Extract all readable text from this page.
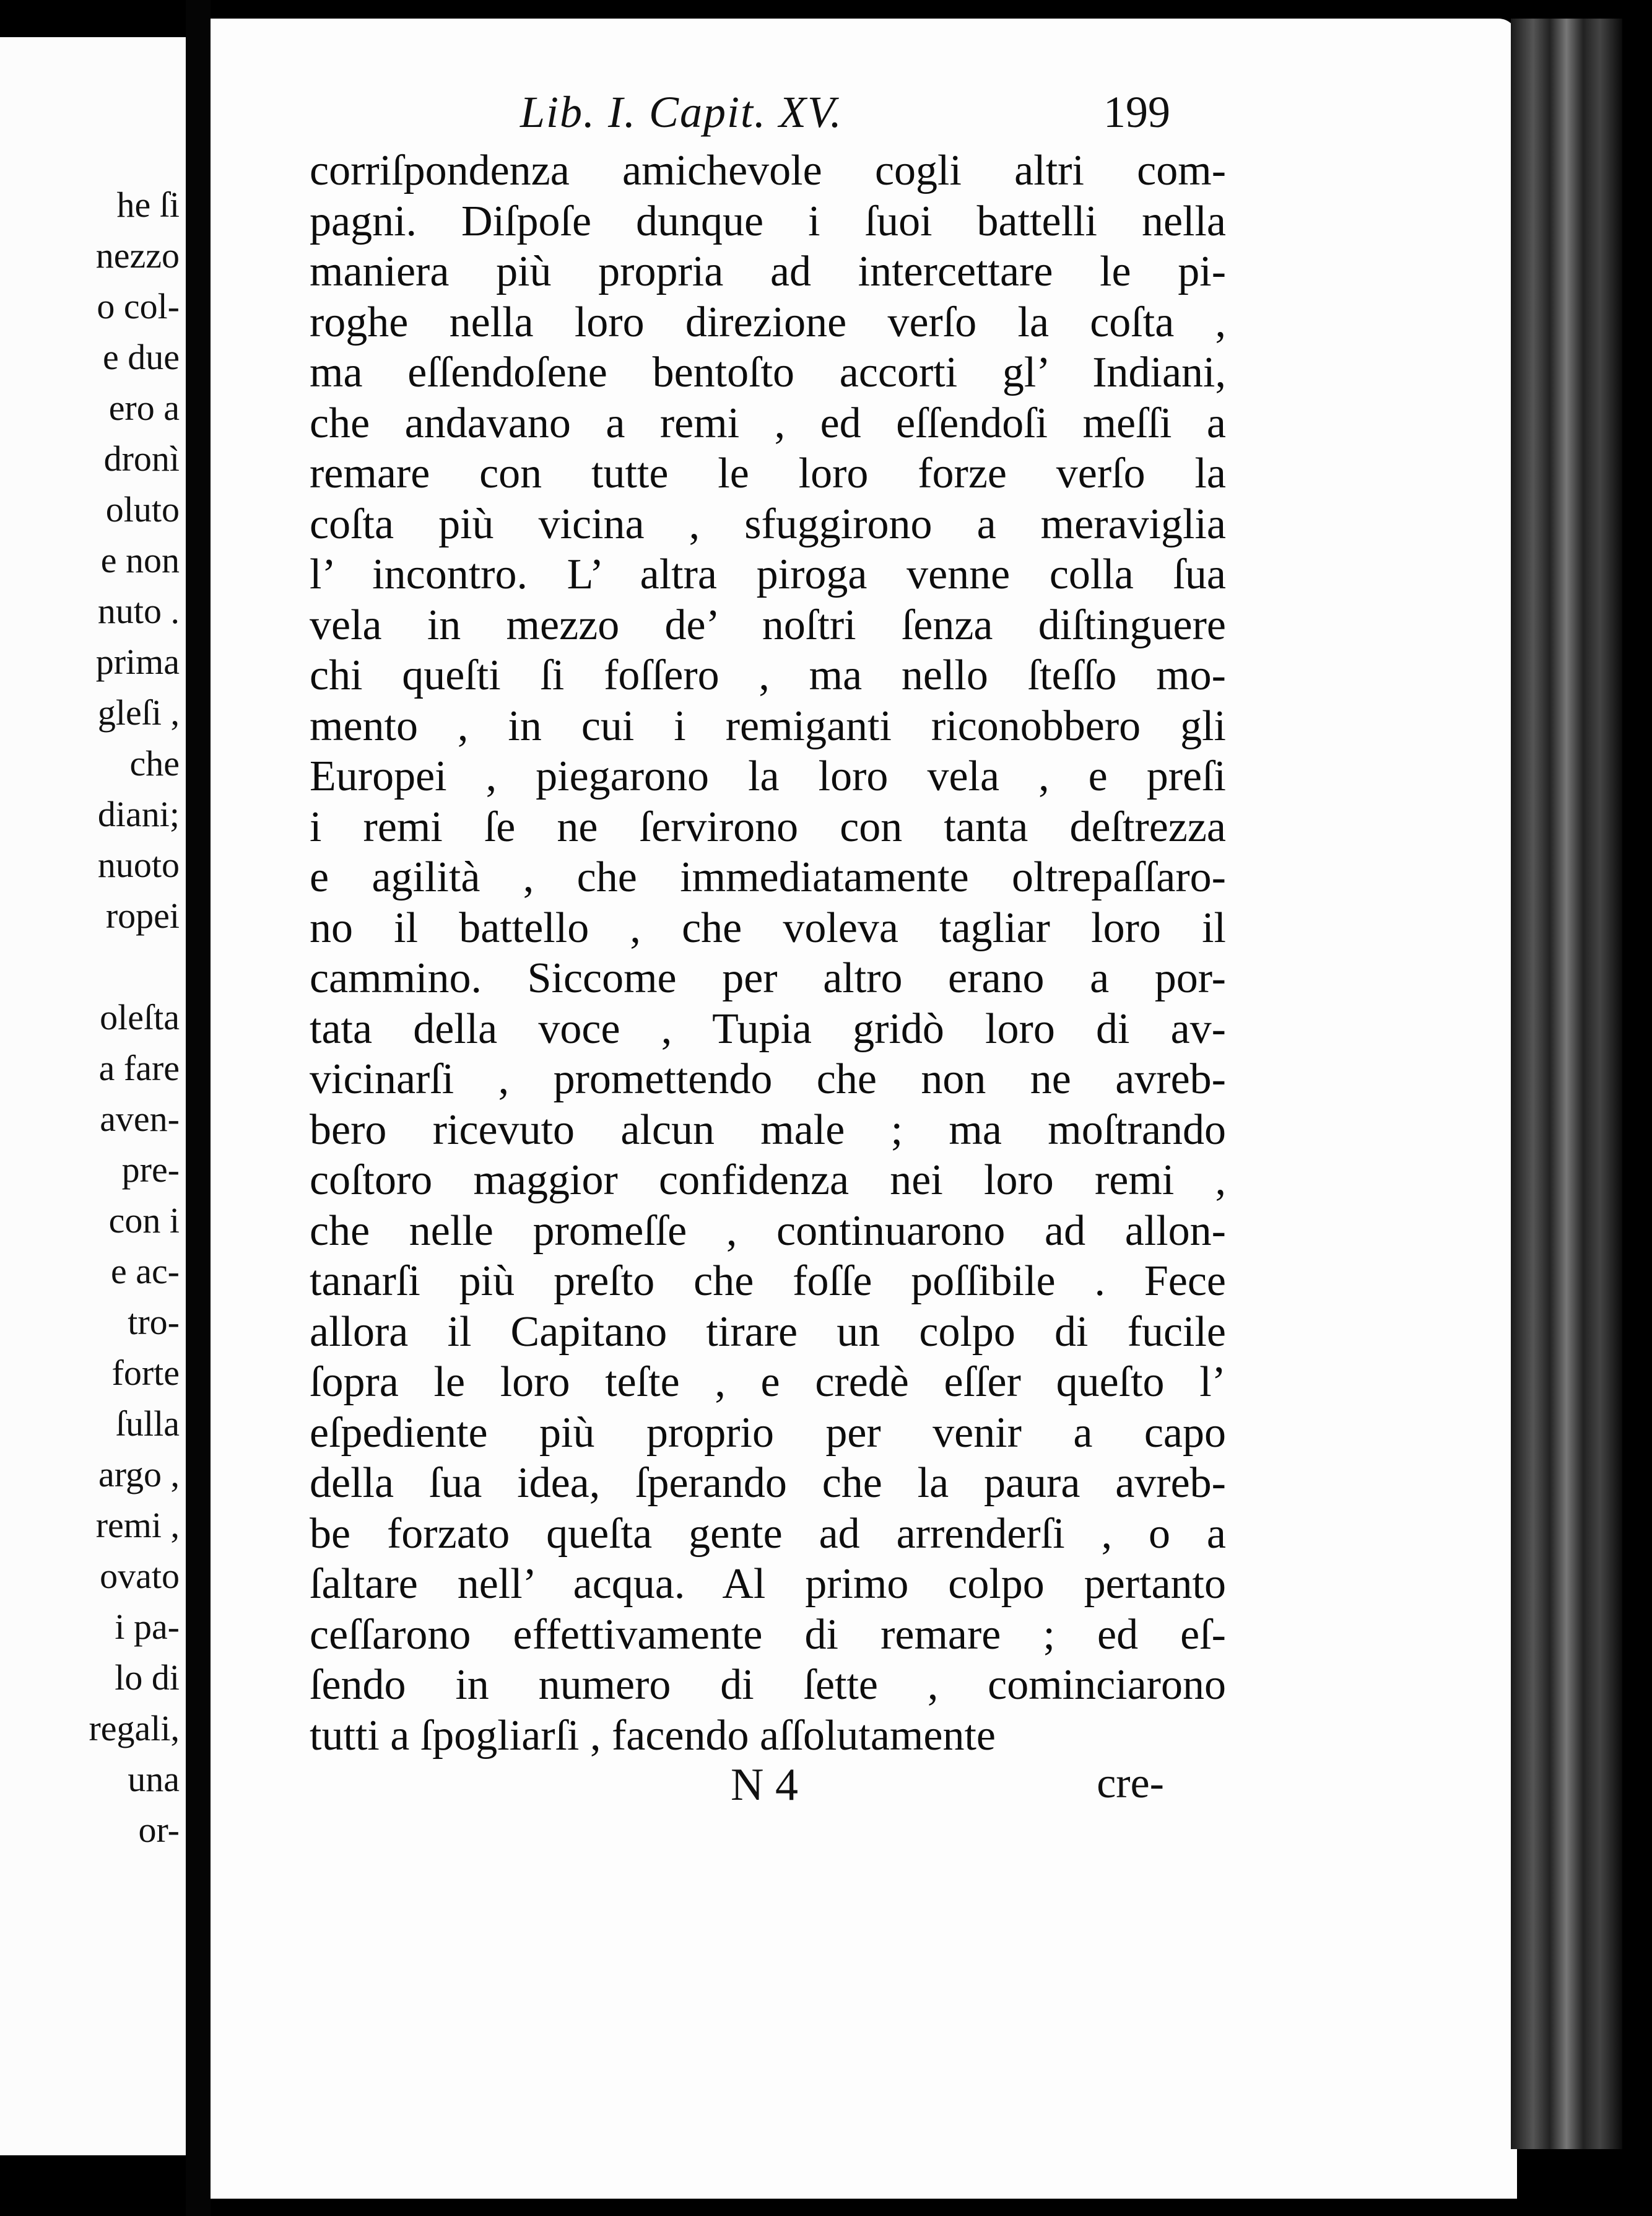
he ſi
nezzo
o col-
e due
ero a
dronì
oluto
e non
nuto .
prima
gleſi ,
che
diani;
nuoto
ropei
oleſta
a fare
aven-
pre-
con i
e ac-
tro-
forte
ſulla
argo ,
remi ,
ovato
i pa-
lo di
regali,
una
or-
Lib. I. Capit. XV.	199
corriſpondenza amichevole cogli altri com-
pagni. Diſpoſe dunque i ſuoi battelli nella
maniera più propria ad intercettare le pi-
roghe nella loro direzione verſo la coſta ,
ma eſſendoſene bentoſto accorti gl’ Indiani,
che andavano a remi , ed eſſendoſi meſſi a
remare con tutte le loro forze verſo la
coſta più vicina , sfuggirono a meraviglia
l’ incontro. L’ altra piroga venne colla ſua
vela in mezzo de’ noſtri ſenza diſtinguere
chi queſti ſi foſſero , ma nello ſteſſo mo-
mento , in cui i remiganti riconobbero gli
Europei , piegarono la loro vela , e preſi
i remi ſe ne ſervirono con tanta deſtrezza
e agilità , che immediatamente oltrepaſſaro-
no il battello , che voleva tagliar loro il
cammino. Siccome per altro erano a por-
tata della voce , Tupia gridò loro di av-
vicinarſi , promettendo che non ne avreb-
bero ricevuto alcun male ; ma moſtrando
coſtoro maggior confidenza nei loro remi ,
che nelle promeſſe , continuarono ad allon-
tanarſi più preſto che foſſe poſſibile . Fece
allora il Capitano tirare un colpo di fucile
ſopra le loro teſte , e credè eſſer queſto l’
eſpediente più proprio per venir a capo
della ſua idea, ſperando che la paura avreb-
be forzato queſta gente ad arrenderſi , o a
ſaltare nell’ acqua. Al primo colpo pertanto
ceſſarono effettivamente di remare ; ed eſ-
ſendo in numero di ſette , cominciarono
tutti a ſpogliarſi , facendo aſſolutamente
N 4	cre-
